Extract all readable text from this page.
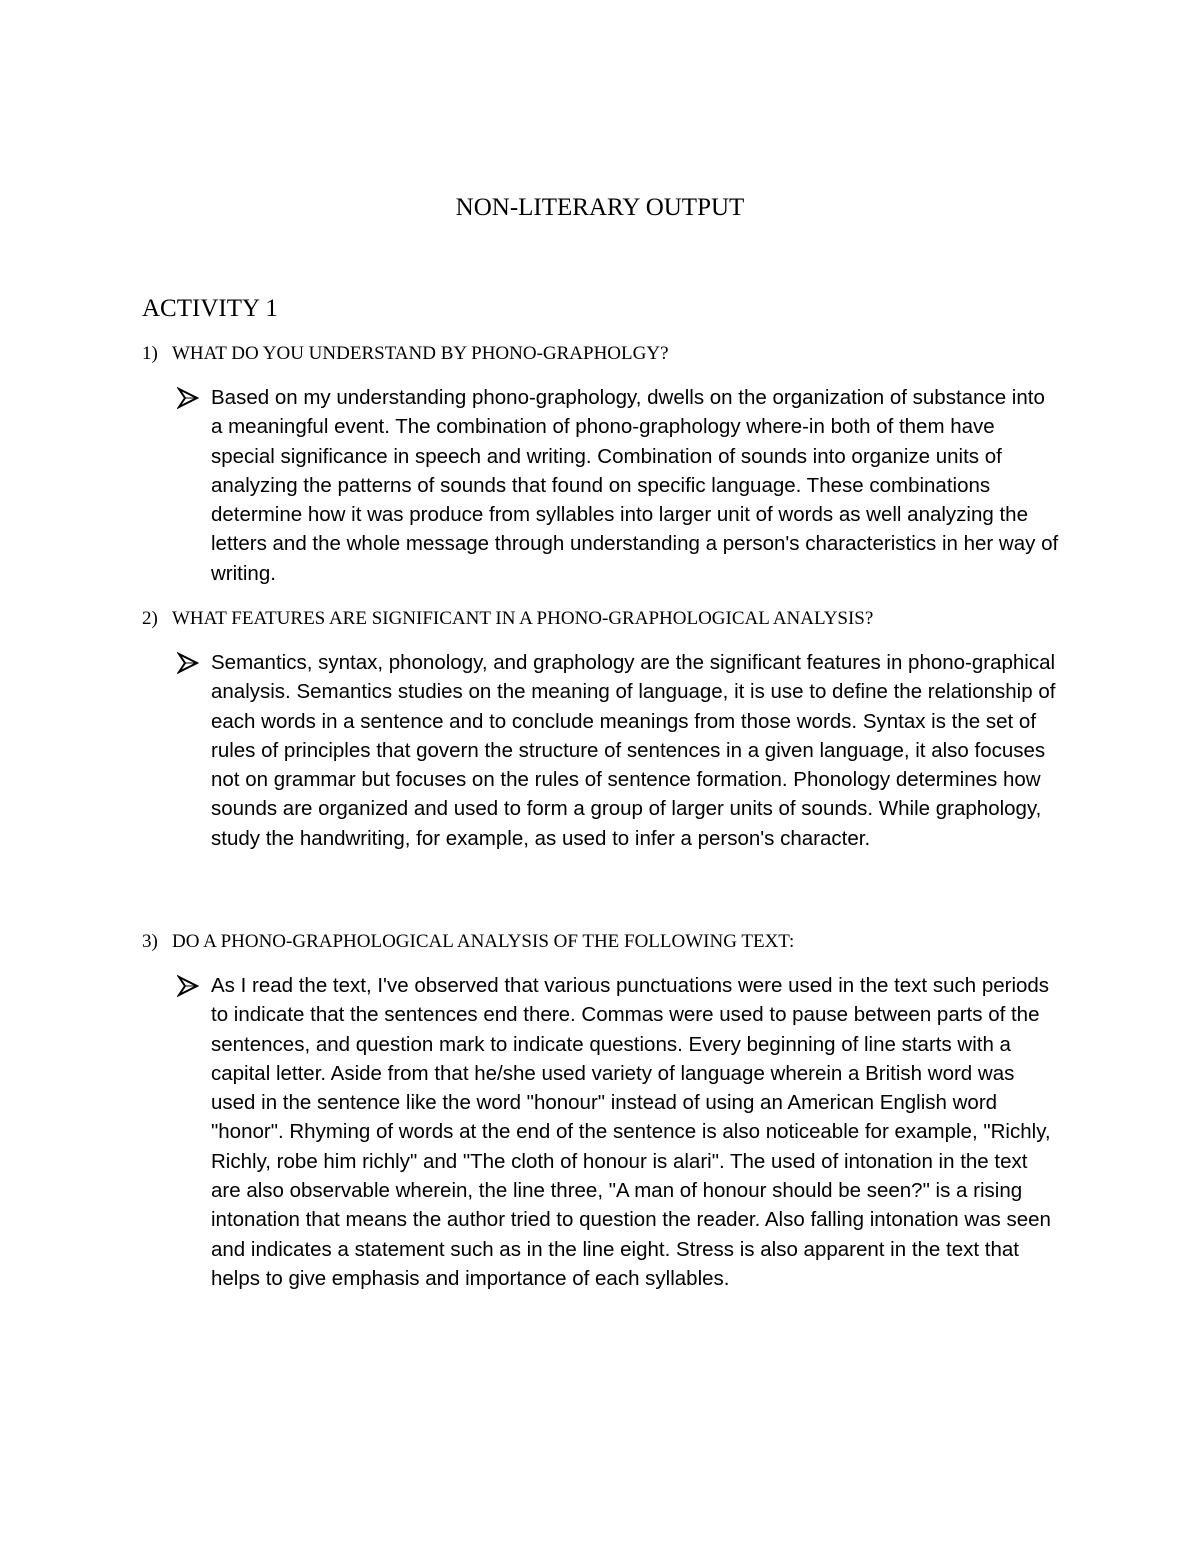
NON-LITERARY OUTPUT
ACTIVITY 1

1) WHAT DO YOU UNDERSTAND BY PHONO-GRAPHOLGY?

Based on my understanding phono-graphology, dwells on the organization of substance into a meaningful event. The combination of phono-graphology where-in both of them have special significance in speech and writing. Combination of sounds into organize units of analyzing the patterns of sounds that found on specific language. These combinations determine how it was produce from syllables into larger unit of words as well analyzing the letters and the whole message through understanding a person's characteristics in her way of writing.

2) WHAT FEATURES ARE SIGNIFICANT IN A PHONO-GRAPHOLOGICAL ANALYSIS?

Semantics, syntax, phonology, and graphology are the significant features in phono-graphical analysis. Semantics studies on the meaning of language, it is use to define the relationship of each words in a sentence and to conclude meanings from those words. Syntax is the set of rules of principles that govern the structure of sentences in a given language, it also focuses not on grammar but focuses on the rules of sentence formation. Phonology determines how sounds are organized and used to form a group of larger units of sounds. While graphology, study the handwriting, for example, as used to infer a person's character.

3) DO A PHONO-GRAPHOLOGICAL ANALYSIS OF THE FOLLOWING TEXT:

As I read the text, I've observed that various punctuations were used in the text such periods to indicate that the sentences end there. Commas were used to pause between parts of the sentences, and question mark to indicate questions. Every beginning of line starts with a capital letter. Aside from that he/she used variety of language wherein a British word was used in the sentence like the word "honour" instead of using an American English word "honor". Rhyming of words at the end of the sentence is also noticeable for example, "Richly, Richly, robe him richly" and "The cloth of honour is alari". The used of intonation in the text are also observable wherein, the line three, "A man of honour should be seen?" is a rising intonation that means the author tried to question the reader. Also falling intonation was seen and indicates a statement such as in the line eight. Stress is also apparent in the text that helps to give emphasis and importance of each syllables.
